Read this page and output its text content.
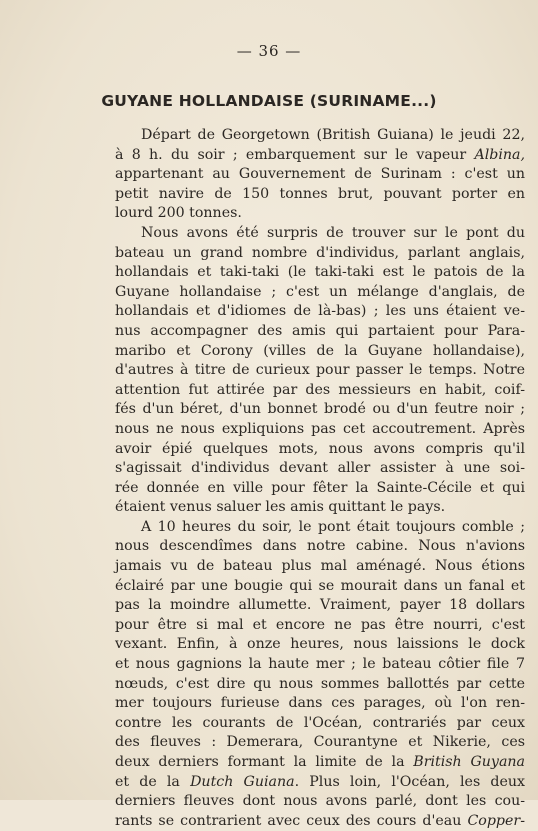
— 36 —
GUYANE HOLLANDAISE (SURINAME...)
Départ de Georgetown (British Guiana) le jeudi 22,
à 8 h. du soir ; embarquement sur le vapeur Albina,
appartenant au Gouvernement de Surinam : c'est un
petit navire de 150 tonnes brut, pouvant porter en
lourd 200 tonnes.
Nous avons été surpris de trouver sur le pont du
bateau un grand nombre d'individus, parlant anglais,
hollandais et taki-taki (le taki-taki est le patois de la
Guyane hollandaise ; c'est un mélange d'anglais, de
hollandais et d'idiomes de là-bas) ; les uns étaient ve-
nus accompagner des amis qui partaient pour Para-
maribo et Corony (villes de la Guyane hollandaise),
d'autres à titre de curieux pour passer le temps. Notre
attention fut attirée par des messieurs en habit, coif-
fés d'un béret, d'un bonnet brodé ou d'un feutre noir ;
nous ne nous expliquions pas cet accoutrement. Après
avoir épié quelques mots, nous avons compris qu'il
s'agissait d'individus devant aller assister à une soi-
rée donnée en ville pour fêter la Sainte-Cécile et qui
étaient venus saluer les amis quittant le pays.
A 10 heures du soir, le pont était toujours comble ;
nous descendîmes dans notre cabine. Nous n'avions
jamais vu de bateau plus mal aménagé. Nous étions
éclairé par une bougie qui se mourait dans un fanal et
pas la moindre allumette. Vraiment, payer 18 dollars
pour être si mal et encore ne pas être nourri, c'est
vexant. Enfin, à onze heures, nous laissions le dock
et nous gagnions la haute mer ; le bateau côtier file 7
nœuds, c'est dire qu nous sommes ballottés par cette
mer toujours furieuse dans ces parages, où l'on ren-
contre les courants de l'Océan, contrariés par ceux
des fleuves : Demerara, Courantyne et Nikerie, ces
deux derniers formant la limite de la British Guyana
et de la Dutch Guiana. Plus loin, l'Océan, les deux
derniers fleuves dont nous avons parlé, dont les cou-
rants se contrarient avec ceux des cours d'eau Copper-
